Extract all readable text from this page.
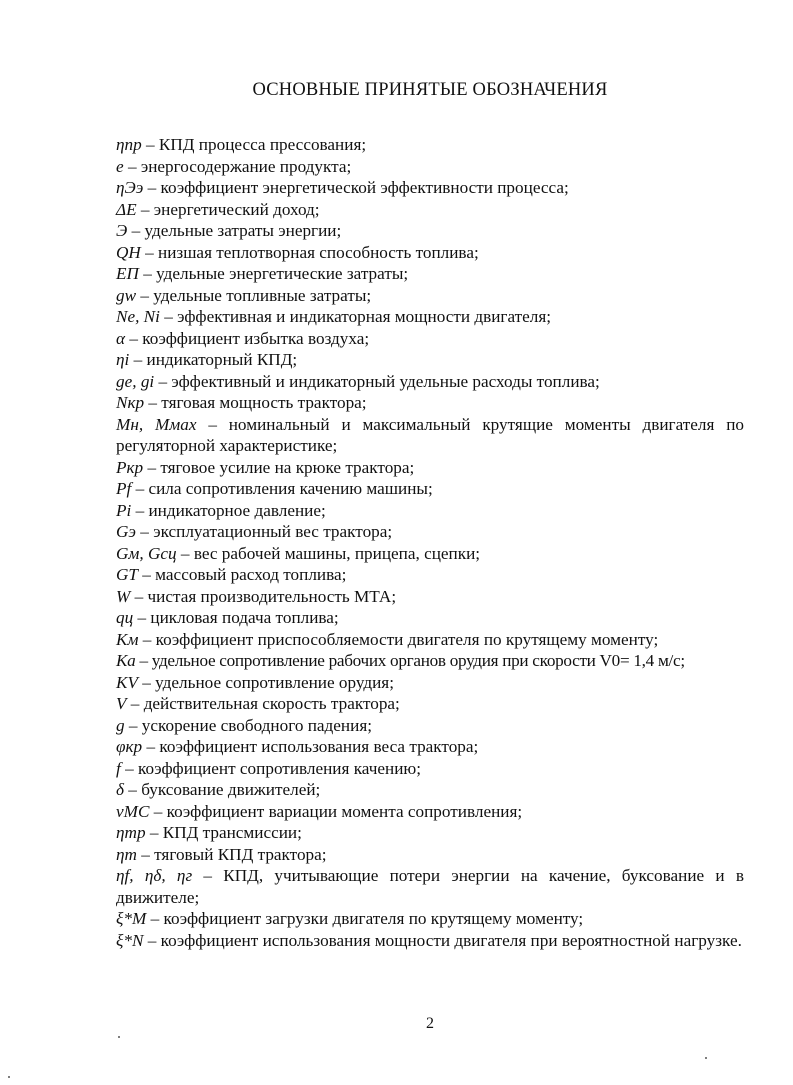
ОСНОВНЫЕ ПРИНЯТЫЕ ОБОЗНАЧЕНИЯ

ηпр – КПД процесса прессования;

e – энергосодержание продукта;

ηЭэ – коэффициент энергетической эффективности процесса;

ΔE – энергетический доход;

Э – удельные затраты энергии;

QH – низшая теплотворная способность топлива;

EП – удельные энергетические затраты;

gw – удельные топливные затраты;

Ne, Ni – эффективная и индикаторная мощности двигателя;

α – коэффициент избытка воздуха;

ηi – индикаторный КПД;

ge, gi – эффективный и индикаторный удельные расходы топлива;

Nкр – тяговая мощность трактора;

Mн, Mмах – номинальный и максимальный крутящие моменты двигателя по регуляторной характеристике;

Pкр – тяговое усилие на крюке трактора;

Pf – сила сопротивления качению машины;

Pi – индикаторное давление;

Gэ – эксплуатационный вес трактора;

Gм, Gсц – вес рабочей машины, прицепа, сцепки;

GT – массовый расход топлива;

W – чистая производительность МТА;

qц – цикловая подача топлива;

Kм – коэффициент приспособляемости двигателя по крутящему моменту;

Ka – удельное сопротивление рабочих органов орудия при скорости V0= 1,4 м/с;

KV – удельное сопротивление орудия;

V – действительная скорость трактора;

g – ускорение свободного падения;

φкр – коэффициент использования веса трактора;

f – коэффициент сопротивления качению;

δ – буксование движителей;

νМС – коэффициент вариации момента сопротивления;

ηтр – КПД трансмиссии;

ηт – тяговый КПД трактора;

ηf, ηδ, ηг – КПД, учитывающие потери энергии на качение, буксование и в движителе;

ξ*М – коэффициент загрузки двигателя по крутящему моменту;

ξ*N – коэффициент использования мощности двигателя при вероятностной нагрузке.

2
